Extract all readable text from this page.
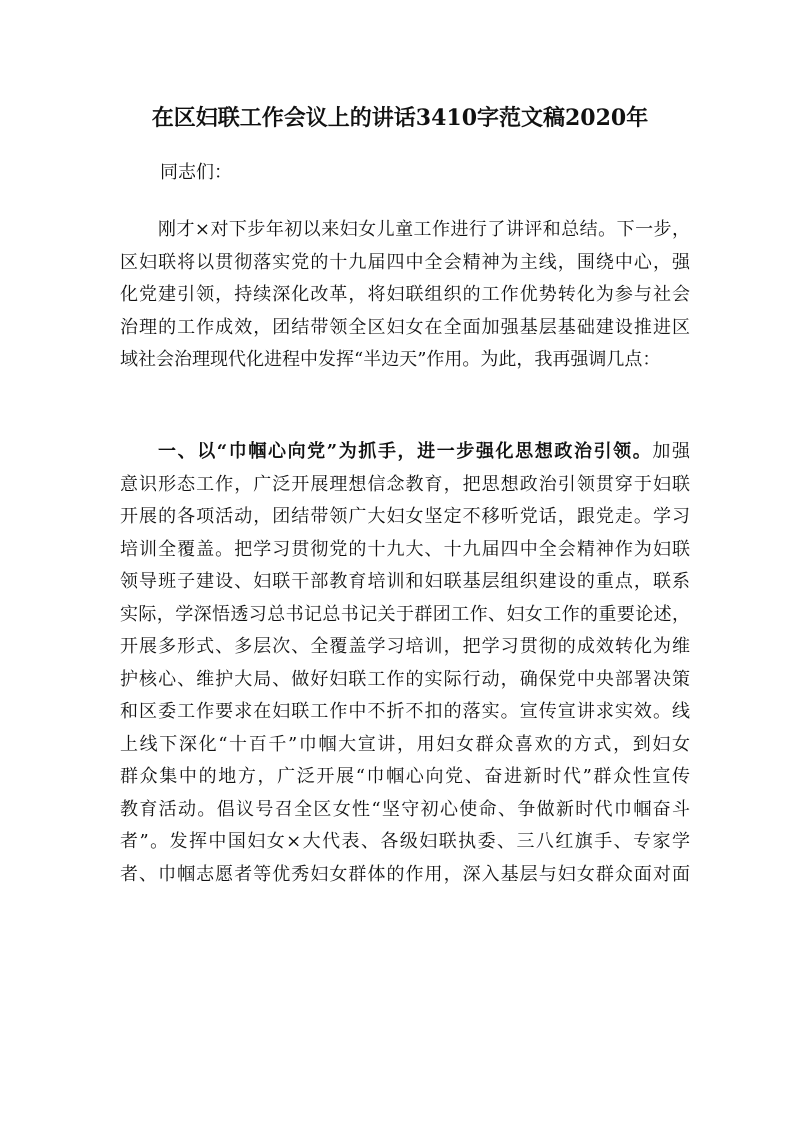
在区妇联工作会议上的讲话3410字范文稿2020年
同志们：
刚才×对下步年初以来妇女儿童工作进行了讲评和总结。下一步，
区妇联将以贯彻落实党的十九届四中全会精神为主线，围绕中心，强
化党建引领，持续深化改革，将妇联组织的工作优势转化为参与社会
治理的工作成效，团结带领全区妇女在全面加强基层基础建设推进区
域社会治理现代化进程中发挥“半边天”作用。为此，我再强调几点：
一、以“巾帼心向党”为抓手，进一步强化思想政治引领。加强
意识形态工作，广泛开展理想信念教育，把思想政治引领贯穿于妇联
开展的各项活动，团结带领广大妇女坚定不移听党话，跟党走。学习
培训全覆盖。把学习贯彻党的十九大、十九届四中全会精神作为妇联
领导班子建设、妇联干部教育培训和妇联基层组织建设的重点，联系
实际，学深悟透习总书记总书记关于群团工作、妇女工作的重要论述，
开展多形式、多层次、全覆盖学习培训，把学习贯彻的成效转化为维
护核心、维护大局、做好妇联工作的实际行动，确保党中央部署决策
和区委工作要求在妇联工作中不折不扣的落实。宣传宣讲求实效。线
上线下深化“十百千”巾帼大宣讲，用妇女群众喜欢的方式，到妇女
群众集中的地方，广泛开展“巾帼心向党、奋进新时代”群众性宣传
教育活动。倡议号召全区女性“坚守初心使命、争做新时代巾帼奋斗
者”。发挥中国妇女×大代表、各级妇联执委、三八红旗手、专家学
者、巾帼志愿者等优秀妇女群体的作用，深入基层与妇女群众面对面
